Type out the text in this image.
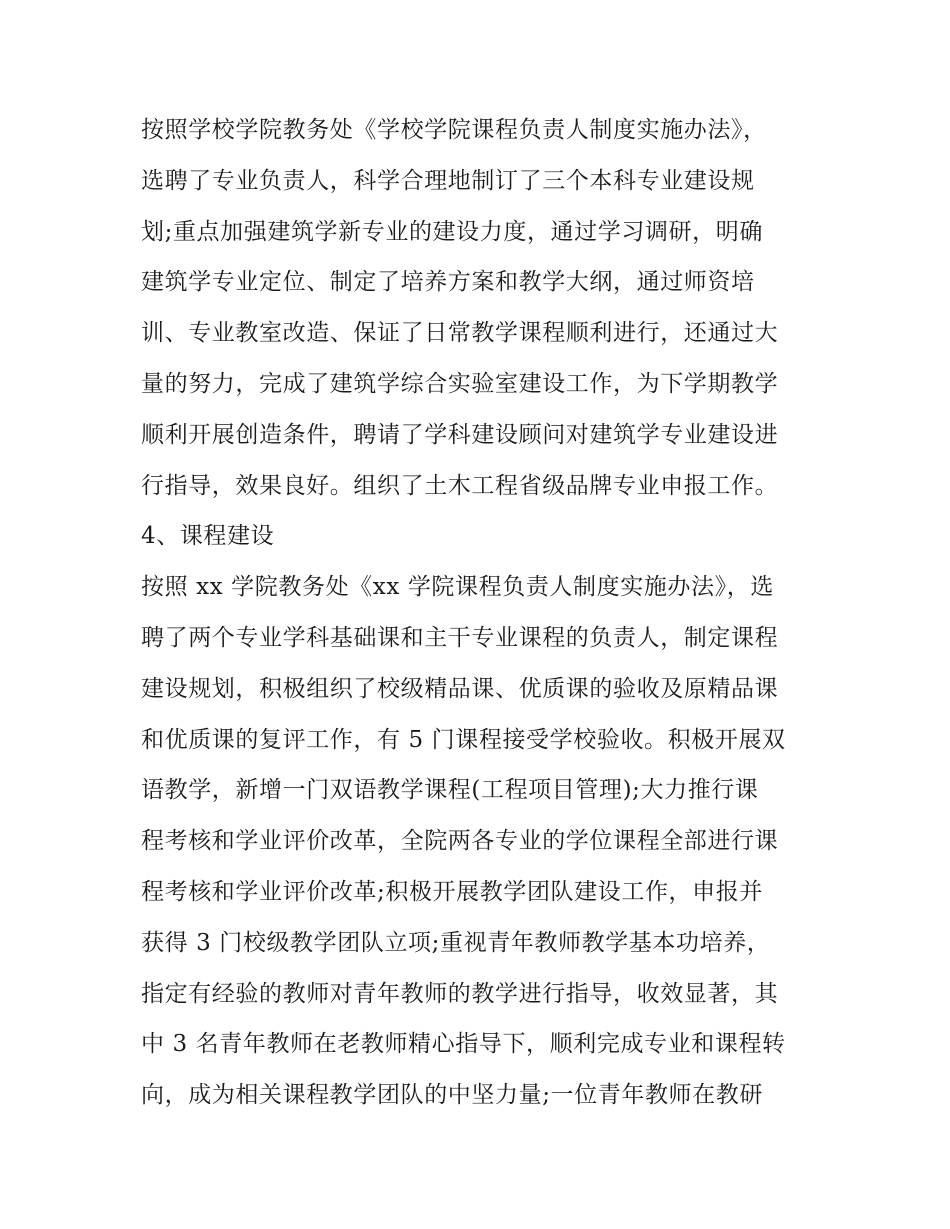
按照学校学院教务处《学校学院课程负责人制度实施办法》，
选聘了专业负责人，科学合理地制订了三个本科专业建设规
划;重点加强建筑学新专业的建设力度，通过学习调研，明确
建筑学专业定位、制定了培养方案和教学大纲，通过师资培
训、专业教室改造、保证了日常教学课程顺利进行，还通过大
量的努力，完成了建筑学综合实验室建设工作，为下学期教学
顺利开展创造条件，聘请了学科建设顾问对建筑学专业建设进
行指导，效果良好。组织了土木工程省级品牌专业申报工作。
4、课程建设
按照 xx 学院教务处《xx 学院课程负责人制度实施办法》，选
聘了两个专业学科基础课和主干专业课程的负责人，制定课程
建设规划，积极组织了校级精品课、优质课的验收及原精品课
和优质课的复评工作，有 5 门课程接受学校验收。积极开展双
语教学，新增一门双语教学课程(工程项目管理);大力推行课
程考核和学业评价改革，全院两各专业的学位课程全部进行课
程考核和学业评价改革;积极开展教学团队建设工作，申报并
获得 3 门校级教学团队立项;重视青年教师教学基本功培养，
指定有经验的教师对青年教师的教学进行指导，收效显著，其
中 3 名青年教师在老教师精心指导下，顺利完成专业和课程转
向，成为相关课程教学团队的中坚力量;一位青年教师在教研
